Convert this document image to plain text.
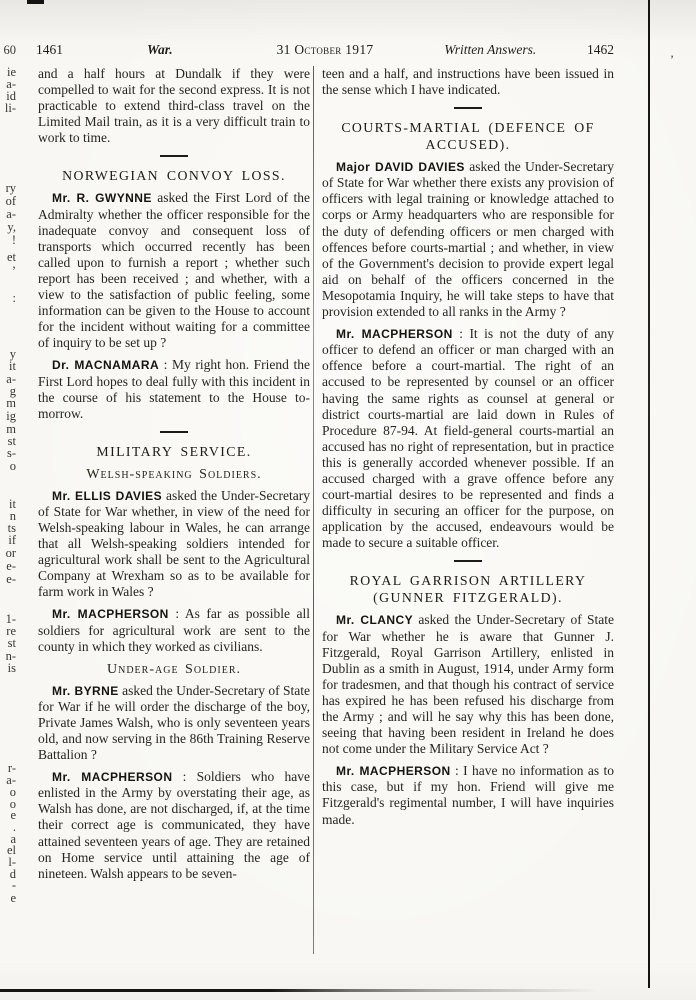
’
60
ie
a-
id
li-
ry
of
a-
y,
!
et
’
:
y
it
a-
g
m
ig
m
st
s-
o
it
n
ts
if
or
e-
e-
1-
re
st
n-
is
r-
a-
o
o
e
.
a
el
l-
d
-
e
1461	War.	31 October 1917	Written Answers.	1462

and a half hours at Dundalk if they were compelled to wait for the second express. It is not practicable to extend third-class travel on the Limited Mail train, as it is a very difficult train to work to time.

NORWEGIAN CONVOY LOSS.

Mr. R. GWYNNE asked the First Lord of the Admiralty whether the officer responsible for the inadequate convoy and consequent loss of transports which occurred recently has been called upon to furnish a report ; whether such report has been received ; and whether, with a view to the satisfaction of public feeling, some information can be given to the House to account for the incident without waiting for a committee of inquiry to be set up ?

Dr. MACNAMARA : My right hon. Friend the First Lord hopes to deal fully with this incident in the course of his statement to the House to-morrow.

MILITARY SERVICE.
Welsh-speaking Soldiers.

Mr. ELLIS DAVIES asked the Under-Secretary of State for War whether, in view of the need for Welsh-speaking labour in Wales, he can arrange that all Welsh-speaking soldiers intended for agricultural work shall be sent to the Agricultural Company at Wrexham so as to be available for farm work in Wales ?

Mr. MACPHERSON : As far as possible all soldiers for agricultural work are sent to the county in which they worked as civilians.

Under-age Soldier.

Mr. BYRNE asked the Under-Secretary of State for War if he will order the discharge of the boy, Private James Walsh, who is only seventeen years old, and now serving in the 86th Training Reserve Battalion ?

Mr. MACPHERSON : Soldiers who have enlisted in the Army by overstating their age, as Walsh has done, are not discharged, if, at the time their correct age is communicated, they have attained seventeen years of age. They are retained on Home service until attaining the age of nineteen. Walsh appears to be seven-

teen and a half, and instructions have been issued in the sense which I have indicated.

COURTS-MARTIAL (DEFENCE OF ACCUSED).

Major DAVID DAVIES asked the Under-Secretary of State for War whether there exists any provision of officers with legal training or knowledge attached to corps or Army headquarters who are responsible for the duty of defending officers or men charged with offences before courts-martial ; and whether, in view of the Government's decision to provide expert legal aid on behalf of the officers concerned in the Mesopotamia Inquiry, he will take steps to have that provision extended to all ranks in the Army ?

Mr. MACPHERSON : It is not the duty of any officer to defend an officer or man charged with an offence before a court-martial. The right of an accused to be represented by counsel or an officer having the same rights as counsel at general or district courts-martial are laid down in Rules of Procedure 87-94. At field-general courts-martial an accused has no right of representation, but in practice this is generally accorded whenever possible. If an accused charged with a grave offence before any court-martial desires to be represented and finds a difficulty in securing an officer for the purpose, on application by the accused, endeavours would be made to secure a suitable officer.

ROYAL GARRISON ARTILLERY (GUNNER FITZGERALD).

Mr. CLANCY asked the Under-Secretary of State for War whether he is aware that Gunner J. Fitzgerald, Royal Garrison Artillery, enlisted in Dublin as a smith in August, 1914, under Army form for tradesmen, and that though his contract of service has expired he has been refused his discharge from the Army ; and will he say why this has been done, seeing that having been resident in Ireland he does not come under the Military Service Act ?

Mr. MACPHERSON : I have no information as to this case, but if my hon. Friend will give me Fitzgerald's regimental number, I will have inquiries made.
